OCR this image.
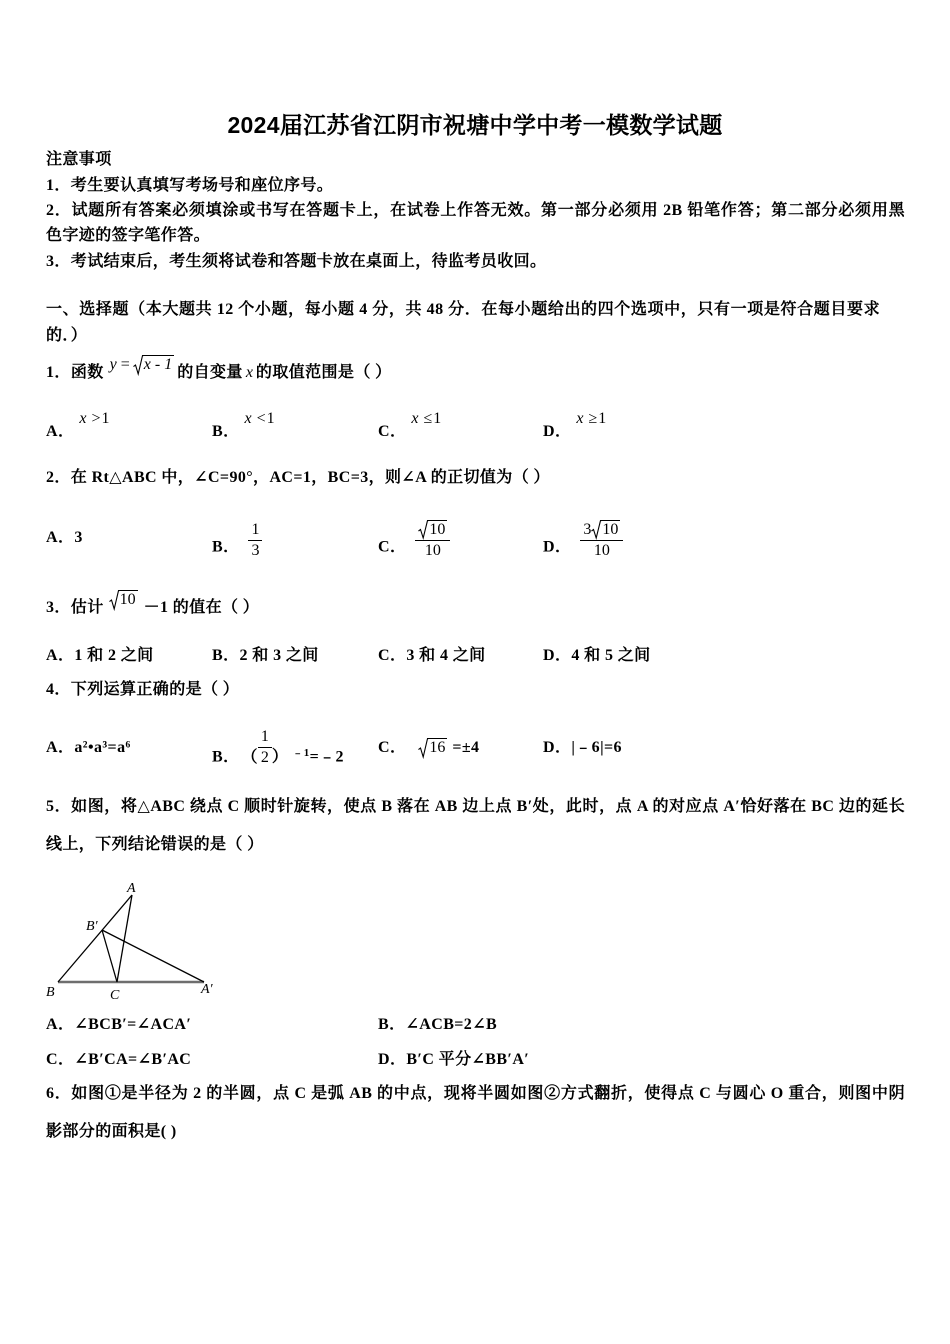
2024届江苏省江阴市祝塘中学中考一模数学试题
注意事项
1．考生要认真填写考场号和座位序号。
2．试题所有答案必须填涂或书写在答题卡上，在试卷上作答无效。第一部分必须用 2B 铅笔作答；第二部分必须用黑
色字迹的签字笔作答。
3．考试结束后，考生须将试卷和答题卡放在桌面上，待监考员收回。
一、选择题（本大题共 12 个小题，每小题 4 分，共 48 分．在每小题给出的四个选项中，只有一项是符合题目要求
的．）
1．函数 y = x - 1 的自变量 x 的取值范围是（ ）
A．x >1
B．x <1
C．x ≤1
D．x ≥1
2．在 Rt△ABC 中，∠C=90°，AC=1，BC=3，则∠A 的正切值为（ ）
A．3
B． $\frac{1}{3}$	C． $\frac{10}{10}$	D． $\frac{3 10}{10}$
3．估计 10 －1 的值在（ ）
A．1 和 2 之间	B．2 和 3 之间	C．3 和 4 之间	D．4 和 5 之间
4．下列运算正确的是（ ）
A．a²•a³=a⁶
B． （ $\frac{1}{2}$ ） $^{﹣1}$=﹣2
C． 16 =±4	D．|﹣6|=6
5．如图，将△ABC 绕点 C 顺时针旋转，使点 B 落在 AB 边上点 B′处，此时，点 A 的对应点 A′恰好落在 BC 边的延长
线上，下列结论错误的是（ ）
A
B′
B	C	A′
A．∠BCB′=∠ACA′	B．∠ACB=2∠B
C．∠B′CA=∠B′AC	D．B′C 平分∠BB′A′
6．如图①是半径为 2 的半圆，点 C 是弧 AB 的中点，现将半圆如图②方式翻折，使得点 C 与圆心 O 重合，则图中阴
影部分的面积是( )
